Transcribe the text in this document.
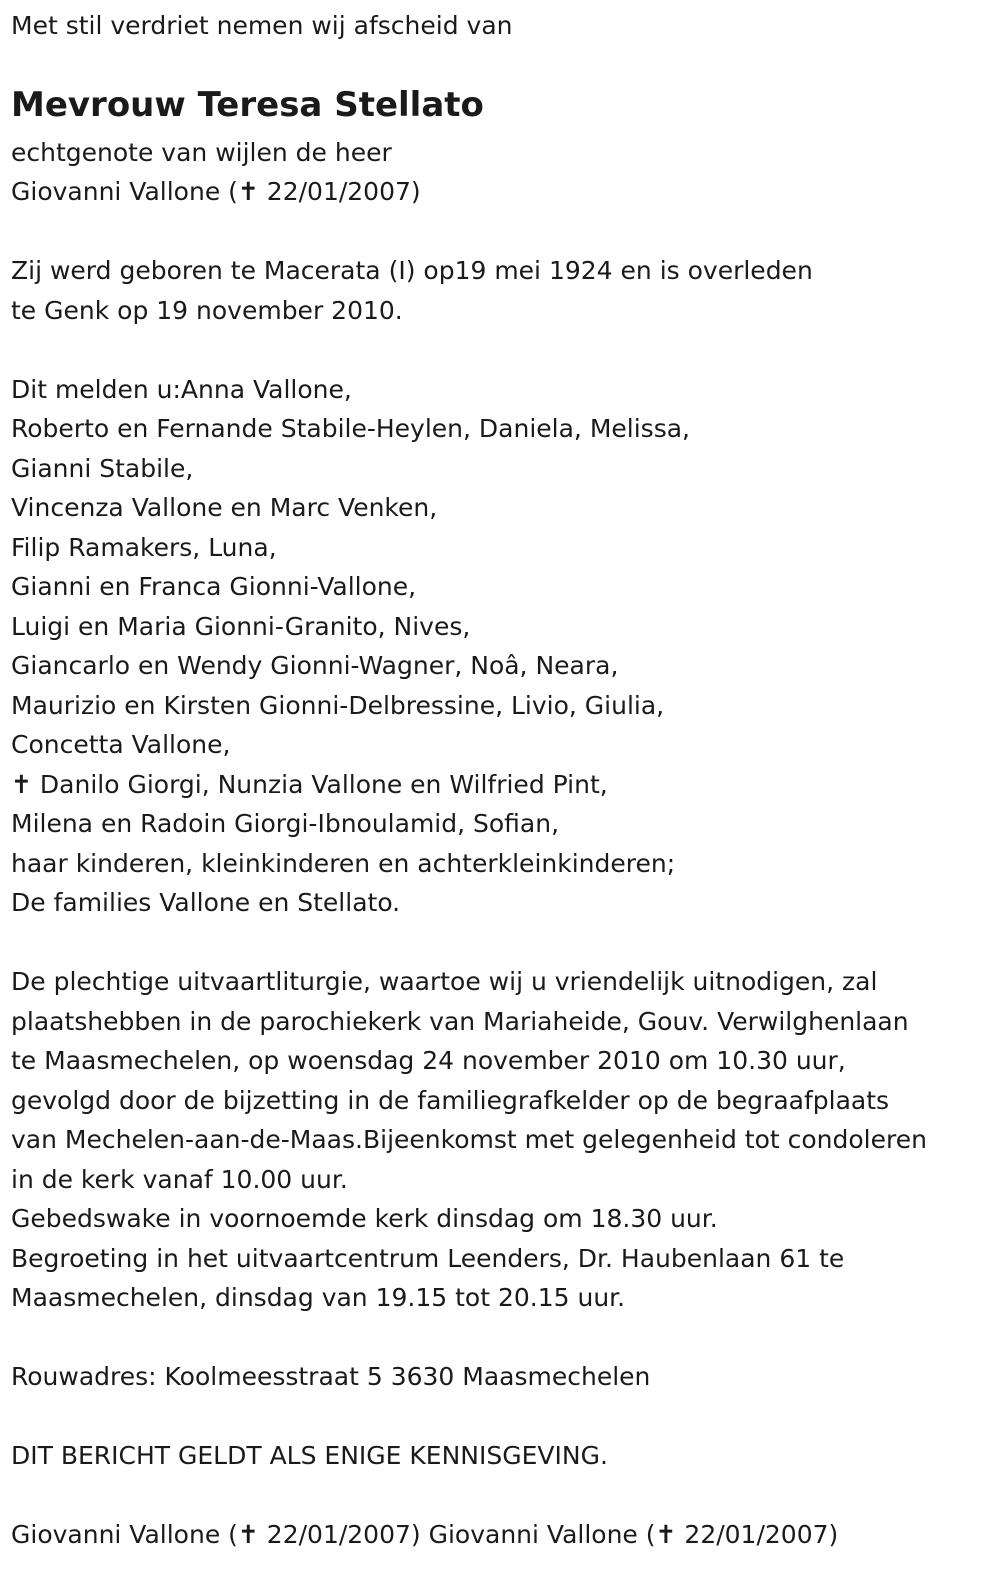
Met stil verdriet nemen wij afscheid van

Mevrouw Teresa Stellato

echtgenote van wijlen de heer

Giovanni Vallone (✝ 22/01/2007)

Zij werd geboren te Macerata (I) op19 mei 1924 en is overleden

te Genk op 19 november 2010.

Dit melden u:Anna Vallone,

Roberto en Fernande Stabile-Heylen, Daniela, Melissa,

Gianni Stabile,

Vincenza Vallone en Marc Venken,

Filip Ramakers, Luna,

Gianni en Franca Gionni-Vallone,

Luigi en Maria Gionni-Granito, Nives,

Giancarlo en Wendy Gionni-Wagner, Noâ, Neara,

Maurizio en Kirsten Gionni-Delbressine, Livio, Giulia,

Concetta Vallone,

✝ Danilo Giorgi, Nunzia Vallone en Wilfried Pint,

Milena en Radoin Giorgi-Ibnoulamid, Sofian,

haar kinderen, kleinkinderen en achterkleinkinderen;

De families Vallone en Stellato.

De plechtige uitvaartliturgie, waartoe wij u vriendelijk uitnodigen, zal

plaatshebben in de parochiekerk van Mariaheide, Gouv. Verwilghenlaan

te Maasmechelen, op woensdag 24 november 2010 om 10.30 uur,

gevolgd door de bijzetting in de familiegrafkelder op de begraafplaats

van Mechelen-aan-de-Maas.Bijeenkomst met gelegenheid tot condoleren

in de kerk vanaf 10.00 uur.

Gebedswake in voornoemde kerk dinsdag om 18.30 uur.

Begroeting in het uitvaartcentrum Leenders, Dr. Haubenlaan 61 te

Maasmechelen, dinsdag van 19.15 tot 20.15 uur.

Rouwadres: Koolmeesstraat 5 3630 Maasmechelen

DIT BERICHT GELDT ALS ENIGE KENNISGEVING.

Giovanni Vallone (✝ 22/01/2007) Giovanni Vallone (✝ 22/01/2007)
